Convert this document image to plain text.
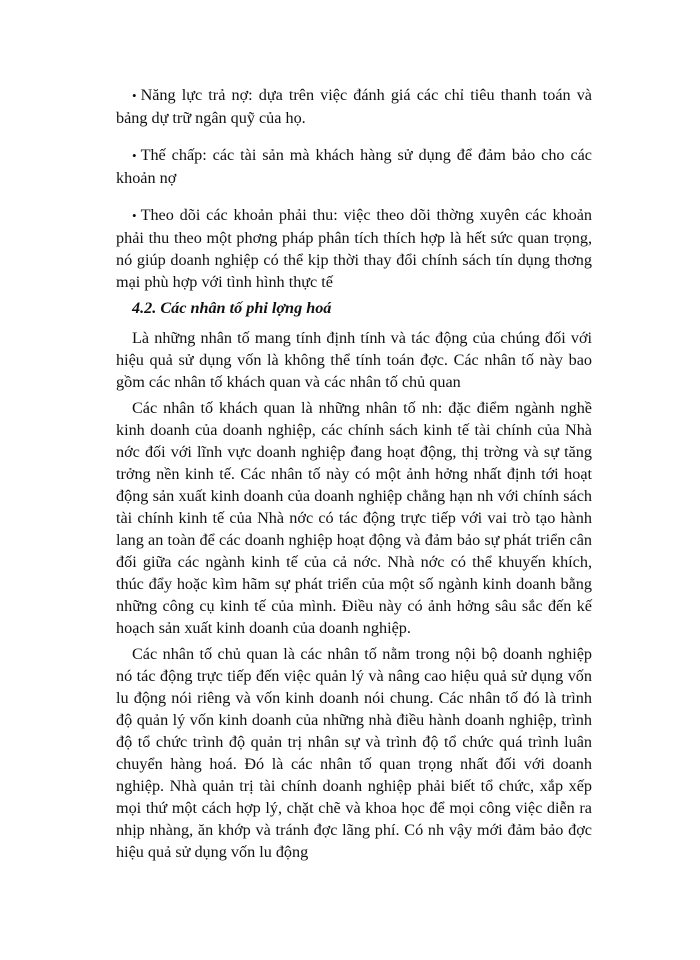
• Năng lực trả nợ: dựa trên việc đánh giá các chỉ tiêu thanh toán và bảng dự trữ ngân quỹ của họ.
• Thế chấp: các tài sản mà khách hàng sử dụng để đảm bảo cho các khoản nợ
• Theo dõi các khoản phải thu: việc theo dõi thờng xuyên các khoản phải thu theo một phơng pháp phân tích thích hợp là hết sức quan trọng, nó giúp doanh nghiệp có thể kịp thời thay đổi chính sách tín dụng thơng mại phù hợp với tình hình thực tế
4.2. Các nhân tố phi lợng hoá
Là những nhân tố mang tính định tính và tác động của chúng đối với hiệu quả sử dụng vốn là không thể tính toán đợc. Các nhân tố này bao gồm các nhân tố khách quan và các nhân tố chủ quan
Các nhân tố khách quan là những nhân tố nh: đặc điểm ngành nghề kinh doanh của doanh nghiệp, các chính sách kinh tế tài chính của Nhà nớc đối với lĩnh vực doanh nghiệp đang hoạt động, thị trờng và sự tăng trởng nền kinh tế. Các nhân tố này có một ảnh hởng nhất định tới hoạt động sản xuất kinh doanh của doanh nghiệp chẳng hạn nh với chính sách tài chính kinh tế của Nhà nớc có tác động trực tiếp với vai trò tạo hành lang an toàn để các doanh nghiệp hoạt động và đảm bảo sự phát triển cân đối giữa các ngành kinh tế của cả nớc. Nhà nớc có thể khuyến khích, thúc đẩy hoặc kìm hãm sự phát triển của một số ngành kinh doanh bằng những công cụ kinh tế của mình. Điều này có ảnh hởng sâu sắc đến kế hoạch sản xuất kinh doanh của doanh nghiệp.
Các nhân tố chủ quan là các nhân tố nằm trong nội bộ doanh nghiệp nó tác động trực tiếp đến việc quản lý và nâng cao hiệu quả sử dụng vốn lu động nói riêng và vốn kinh doanh nói chung. Các nhân tố đó là trình độ quản lý vốn kinh doanh của những nhà điều hành doanh nghiệp, trình độ tổ chức trình độ quản trị nhân sự và trình độ tổ chức quá trình luân chuyển hàng hoá. Đó là các nhân tố quan trọng nhất đối với doanh nghiệp. Nhà quản trị tài chính doanh nghiệp phải biết tổ chức, xắp xếp mọi thứ một cách hợp lý, chặt chẽ và khoa học để mọi công việc diễn ra nhịp nhàng, ăn khớp và tránh đợc lãng phí. Có nh vậy mới đảm bảo đợc hiệu quả sử dụng vốn lu động
